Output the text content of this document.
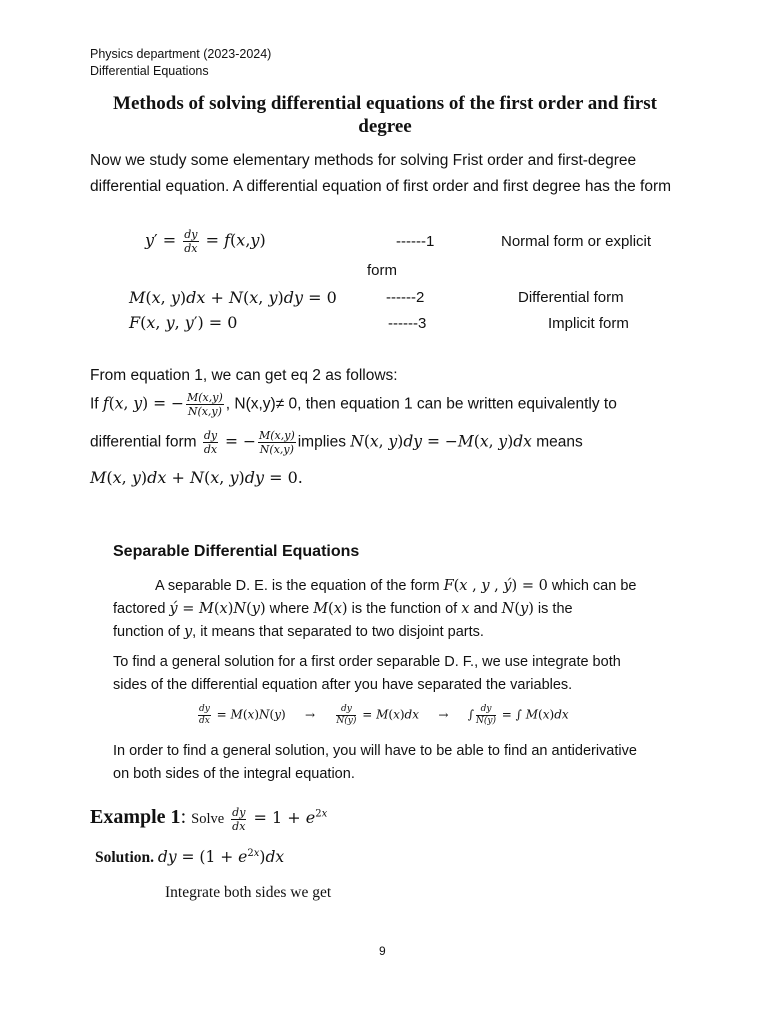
Physics department (2023-2024)
Differential Equations
Methods of solving differential equations of the first order and first degree
Now we study some elementary methods for solving Frist order and first-degree differential equation. A differential equation of first order and first degree has the form
$y' = \frac{dy}{dx} = f(x,y)$	------1	Normal form or explicit
form
M(x, y)dx + N(x, y)dy = 0	------2	Differential form
F(x, y, y′) = 0	------3	Implicit form
From equation 1, we can get eq 2 as follows:
If f(x, y) = − $\frac{M(x,y)}{N(x,y)}$ , N(x,y)≠ 0, then equation 1 can be written equivalently to
differential form $\frac{dy}{dx}$ = − $\frac{M(x,y)}{N(x,y)}$ implies N(x, y)dy = −M(x, y)dx means
M(x, y)dx + N(x, y)dy = 0.
Separable Differential Equations
A separable D. E. is the equation of the form F(x , y , ý) = 0 which can be
factored ý = M(x)N(y) where M(x) is the function of x and N(y) is the
function of y, it means that separated to two disjoint parts.
To find a general solution for a first order separable D. F., we use integrate both sides of the differential equation after you have separated the variables.
$\frac{dy}{dx} = M(x)N(y) \to \frac{dy}{N(y)} = M(x)dx$ → ∫ $\frac{dy}{N(y)}$ = ∫ M(x)dx
In order to find a general solution, you will have to be able to find an antiderivative on both sides of the integral equation.
Example 1: Solve $\frac{dy}{dx} = 1 + e^{2x}$
Solution. dy = $(1 + e^{2x})dx$
Integrate both sides we get
9
